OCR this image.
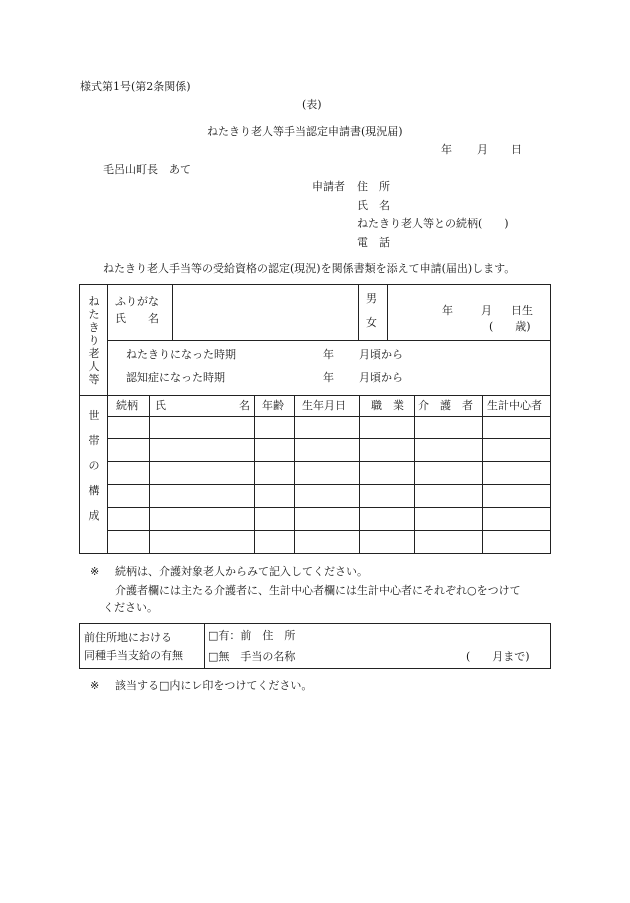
様式第1号(第2条関係)
(表)
ねたきり老人等手当認定申請書(現況届)
年 月 日
毛呂山町長　あて
申請者 住　所
氏　名
ねたきり老人等との続柄(　　)
電　話
ねたきり老人手当等の受給資格の認定(現況)を関係書類を添えて申請(届出)します。
ね
た
き
り
老
人
等
ふりがな
氏　　名
男
女
年	月 日生
(　　歳)
ねたきりになった時期	年 月頃から
認知症になった時期	年 月頃から
世
帯
の
構
成
続柄 氏	名 年齢 生年月日 職　業 介　護　者 生計中心者
※ 続柄は、介護対象老人からみて記入してください。
介護者欄には主たる介護者に、生計中心者欄には生計中心者にそれぞれ○をつけて
ください。
前住所地における
同種手当支給の有無
□有：前　住　所
□無　手当の名称	(　　月まで)
※ 該当する□内にレ印をつけてください。
